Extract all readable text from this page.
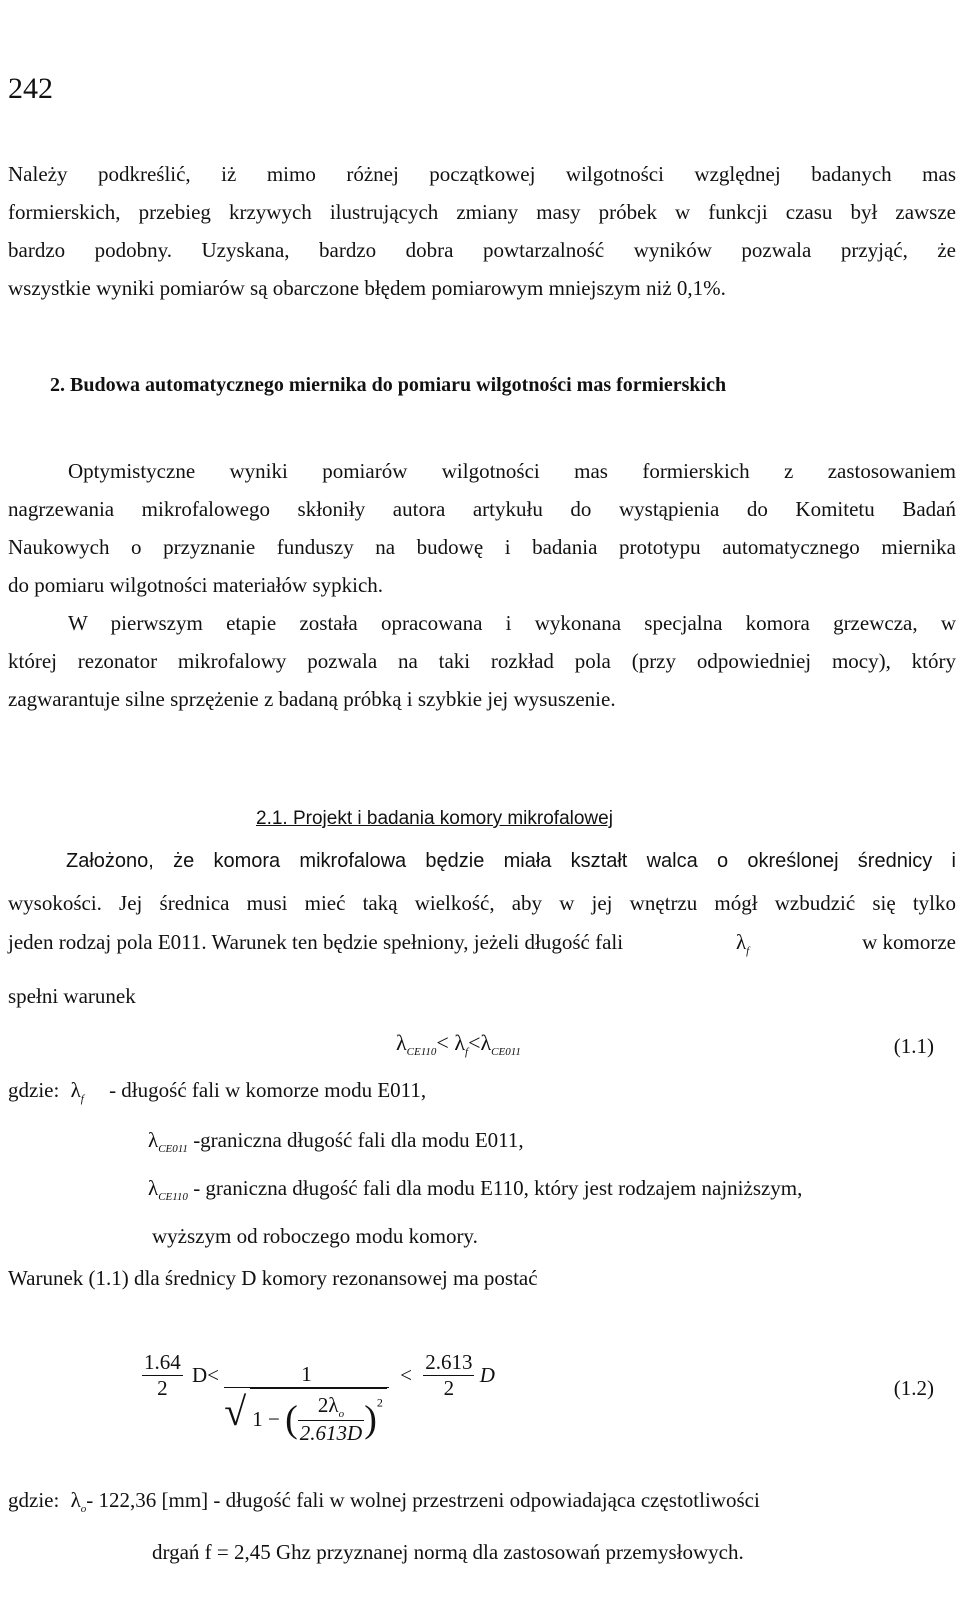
242
Należy podkreślić, iż mimo różnej początkowej wilgotności względnej badanych mas
formierskich, przebieg krzywych ilustrujących zmiany masy próbek w funkcji czasu był zawsze
bardzo podobny. Uzyskana, bardzo dobra powtarzalność wyników pozwala przyjąć, że
wszystkie wyniki pomiarów są obarczone błędem pomiarowym mniejszym niż 0,1%.
2. Budowa automatycznego miernika do pomiaru wilgotności mas formierskich
Optymistyczne wyniki pomiarów wilgotności mas formierskich z zastosowaniem
nagrzewania mikrofalowego skłoniły autora artykułu do wystąpienia do Komitetu Badań
Naukowych o przyznanie funduszy na budowę i badania prototypu automatycznego miernika
do pomiaru wilgotności materiałów sypkich.
W pierwszym etapie została opracowana i wykonana specjalna komora grzewcza, w
której rezonator mikrofalowy pozwala na taki rozkład pola (przy odpowiedniej mocy), który
zagwarantuje silne sprzężenie z badaną próbką i szybkie jej wysuszenie.
2.1. Projekt i badania komory mikrofalowej
Założono, że komora mikrofalowa będzie miała kształt walca o określonej średnicy i
wysokości. Jej średnica musi mieć taką wielkość, aby w jej wnętrzu mógł wzbudzić się tylko
jeden rodzaj pola E011. Warunek ten będzie spełniony, jeżeli długość fali	$\lambda_f$	w komorze
spełni warunek
$\lambda_{CE110}< \lambda_f<\lambda_{CE011}$	(1.1)
gdzie: $\lambda_f$ - długość fali w komorze modu E011,
$\lambda_{CE011}$ -graniczna długość fali dla modu E011,
$\lambda_{CE110}$ - graniczna długość fali dla modu E110, który jest rodzajem najniższym,
wyższym od roboczego modu komory.
Warunek (1.1) dla średnicy D komory rezonansowej ma postać
$\frac{1.64}{2} D< \frac{1}{√ 1 - ( \frac{2\lambda_o}{2.613D} )^2} < \frac{2.613}{2}$ D
(1.2)
gdzie: $\lambda_o-$ 122,36 [mm] - długość fali w wolnej przestrzeni odpowiadająca częstotliwości
drgań f = 2,45 Ghz przyznanej normą dla zastosowań przemysłowych.
